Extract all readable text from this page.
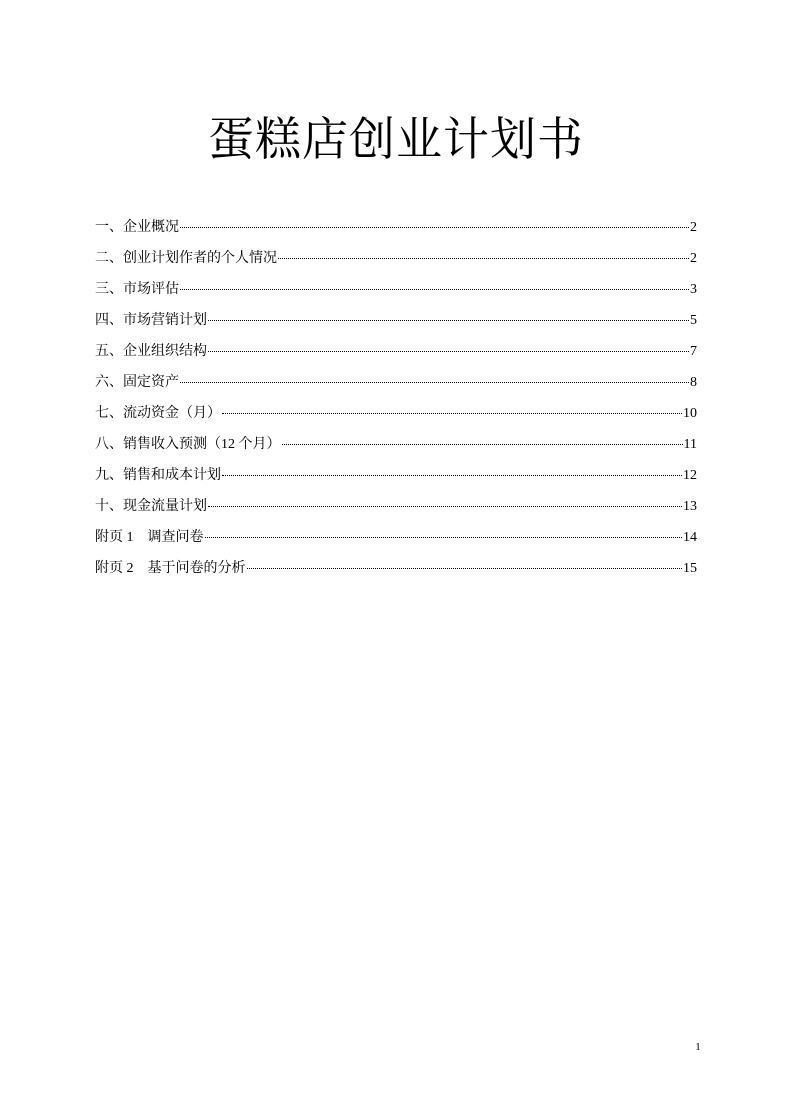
蛋糕店创业计划书
一、企业概况	2
二、创业计划作者的个人情况	2
三、市场评估	3
四、市场营销计划	5
五、企业组织结构	7
六、固定资产	8
七、流动资金（月）	10
八、销售收入预测（12 个月）	11
九、销售和成本计划	12
十、现金流量计划	13
附页 1　调查问卷	14
附页 2　基于问卷的分析	15
1
